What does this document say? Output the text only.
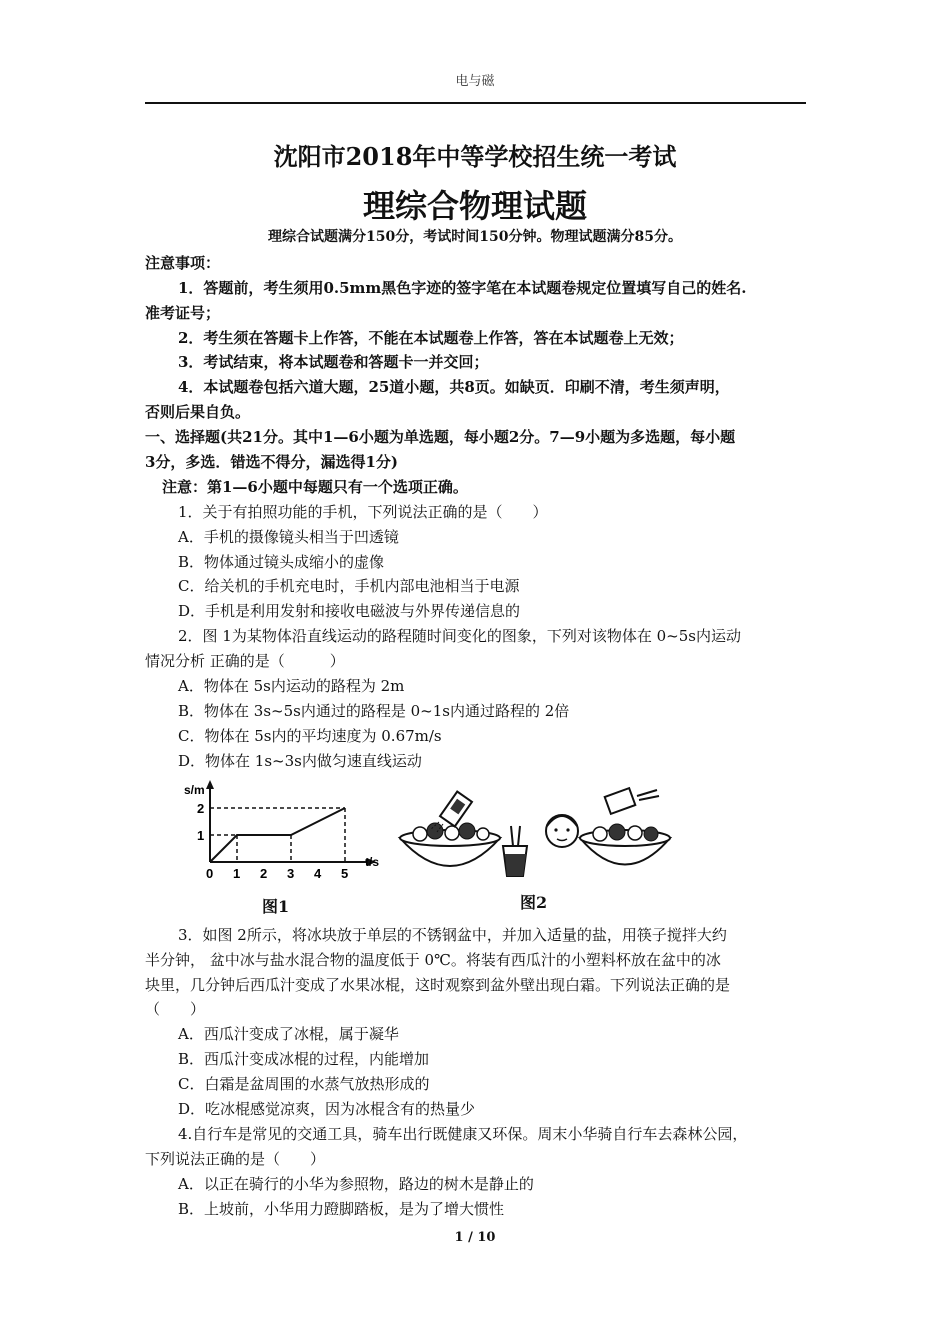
电与磁
沈阳市2018年中等学校招生统一考试
理综合物理试题
理综合试题满分150分，考试时间150分钟。物理试题满分85分。
注意事项：
1．答题前，考生须用0.5mm黑色字迹的签字笔在本试题卷规定位置填写自己的姓名.
准考证号；
2．考生须在答题卡上作答，不能在本试题卷上作答，答在本试题卷上无效；
3．考试结束，将本试题卷和答题卡一并交回；
4．本试题卷包括六道大题，25道小题，共8页。如缺页．印刷不清，考生须声明，
否则后果自负。
一、选择题(共21分。其中1—6小题为单选题，每小题2分。7—9小题为多选题，每小题
3分，多选．错选不得分，漏选得1分)
注意：第1—6小题中每题只有一个选项正确。
1．关于有拍照功能的手机，下列说法正确的是（　　）
A．手机的摄像镜头相当于凹透镜
B．物体通过镜头成缩小的虚像
C．给关机的手机充电时，手机内部电池相当于电源
D．手机是利用发射和接收电磁波与外界传递信息的
2．图 1为某物体沿直线运动的路程随时间变化的图象，下列对该物体在 0~5s内运动
情况分析 正确的是（　　　）
A．物体在 5s内运动的路程为 2m
B．物体在 3s~5s内通过的路程是 0~1s内通过路程的 2倍
C．物体在 5s内的平均速度为 0.67m/s
D．物体在 1s~3s内做匀速直线运动
s/m
t/s
0 1 2 3 4 5
1
2
图1	图2
3．如图 2所示，将冰块放于单层的不锈钢盆中，并加入适量的盐，用筷子搅拌大约
半分钟， 盆中冰与盐水混合物的温度低于 0℃。将装有西瓜汁的小塑料杯放在盆中的冰
块里，几分钟后西瓜汁变成了水果冰棍，这时观察到盆外壁出现白霜。下列说法正确的是
（　　）
A．西瓜汁变成了冰棍，属于凝华
B．西瓜汁变成冰棍的过程，内能增加
C．白霜是盆周围的水蒸气放热形成的
D．吃冰棍感觉凉爽，因为冰棍含有的热量少
4.自行车是常见的交通工具，骑车出行既健康又环保。周末小华骑自行车去森林公园，
下列说法正确的是（　　）
A．以正在骑行的小华为参照物，路边的树木是静止的
B．上坡前，小华用力蹬脚踏板，是为了增大惯性
1 / 10
